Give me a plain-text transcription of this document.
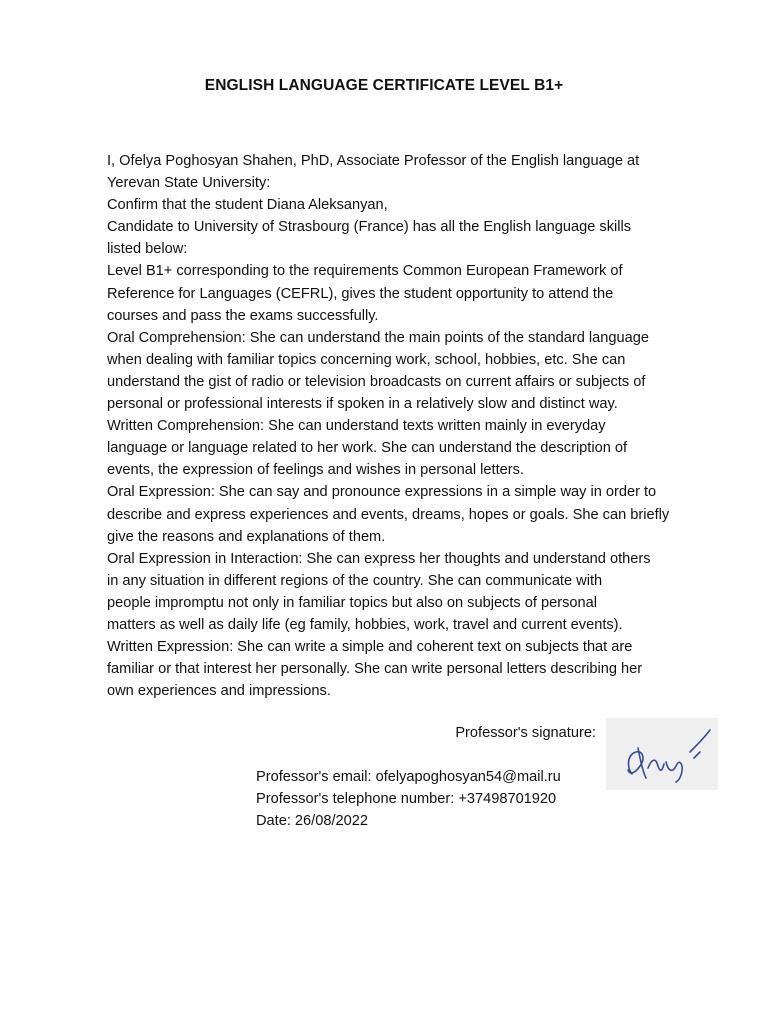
ENGLISH LANGUAGE CERTIFICATE LEVEL B1+

I, Ofelya Poghosyan Shahen, PhD, Associate Professor of the English language at

Yerevan State University:

Confirm that the student Diana Aleksanyan,

Candidate to University of Strasbourg (France) has all the English language skills

listed below:

Level B1+ corresponding to the requirements Common European Framework of

Reference for Languages (CEFRL), gives the student opportunity to attend the

courses and pass the exams successfully.

Oral Comprehension: She can understand the main points of the standard language

when dealing with familiar topics concerning work, school, hobbies, etc. She can

understand the gist of radio or television broadcasts on current affairs or subjects of

personal or professional interests if spoken in a relatively slow and distinct way.

Written Comprehension: She can understand texts written mainly in everyday

language or language related to her work. She can understand the description of

events, the expression of feelings and wishes in personal letters.

Oral Expression: She can say and pronounce expressions in a simple way in order to

describe and express experiences and events, dreams, hopes or goals. She can briefly

give the reasons and explanations of them.

Oral Expression in Interaction: She can express her thoughts and understand others

in any situation in different regions of the country. She can communicate with

people impromptu not only in familiar topics but also on subjects of personal

matters as well as daily life (eg family, hobbies, work, travel and current events).

Written Expression: She can write a simple and coherent text on subjects that are

familiar or that interest her personally. She can write personal letters describing her

own experiences and impressions.

Professor's signature:
Professor's email: ofelyapoghosyan54@mail.ru
Professor's telephone number: +37498701920
Date: 26/08/2022
